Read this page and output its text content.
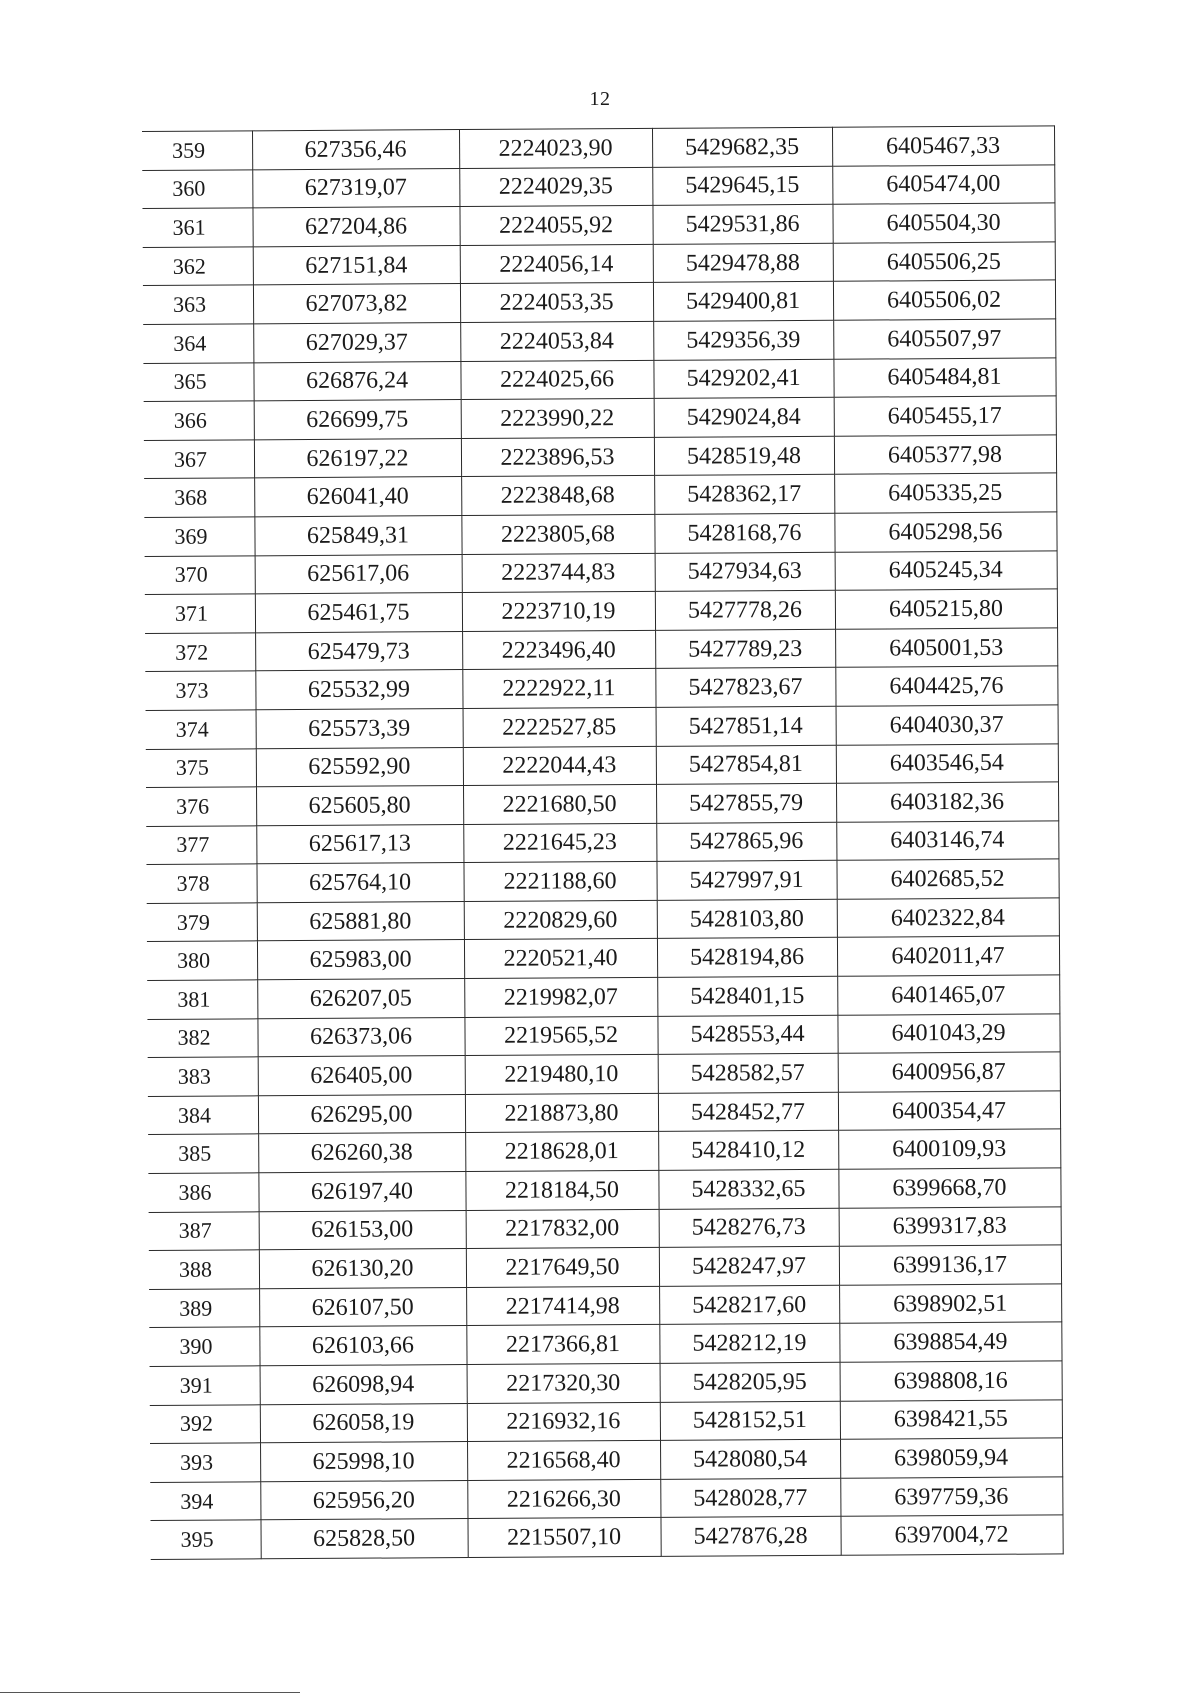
12
359	627356,46	2224023,90	5429682,35	6405467,33
360	627319,07	2224029,35	5429645,15	6405474,00
361	627204,86	2224055,92	5429531,86	6405504,30
362	627151,84	2224056,14	5429478,88	6405506,25
363	627073,82	2224053,35	5429400,81	6405506,02
364	627029,37	2224053,84	5429356,39	6405507,97
365	626876,24	2224025,66	5429202,41	6405484,81
366	626699,75	2223990,22	5429024,84	6405455,17
367	626197,22	2223896,53	5428519,48	6405377,98
368	626041,40	2223848,68	5428362,17	6405335,25
369	625849,31	2223805,68	5428168,76	6405298,56
370	625617,06	2223744,83	5427934,63	6405245,34
371	625461,75	2223710,19	5427778,26	6405215,80
372	625479,73	2223496,40	5427789,23	6405001,53
373	625532,99	2222922,11	5427823,67	6404425,76
374	625573,39	2222527,85	5427851,14	6404030,37
375	625592,90	2222044,43	5427854,81	6403546,54
376	625605,80	2221680,50	5427855,79	6403182,36
377	625617,13	2221645,23	5427865,96	6403146,74
378	625764,10	2221188,60	5427997,91	6402685,52
379	625881,80	2220829,60	5428103,80	6402322,84
380	625983,00	2220521,40	5428194,86	6402011,47
381	626207,05	2219982,07	5428401,15	6401465,07
382	626373,06	2219565,52	5428553,44	6401043,29
383	626405,00	2219480,10	5428582,57	6400956,87
384	626295,00	2218873,80	5428452,77	6400354,47
385	626260,38	2218628,01	5428410,12	6400109,93
386	626197,40	2218184,50	5428332,65	6399668,70
387	626153,00	2217832,00	5428276,73	6399317,83
388	626130,20	2217649,50	5428247,97	6399136,17
389	626107,50	2217414,98	5428217,60	6398902,51
390	626103,66	2217366,81	5428212,19	6398854,49
391	626098,94	2217320,30	5428205,95	6398808,16
392	626058,19	2216932,16	5428152,51	6398421,55
393	625998,10	2216568,40	5428080,54	6398059,94
394	625956,20	2216266,30	5428028,77	6397759,36
395	625828,50	2215507,10	5427876,28	6397004,72
